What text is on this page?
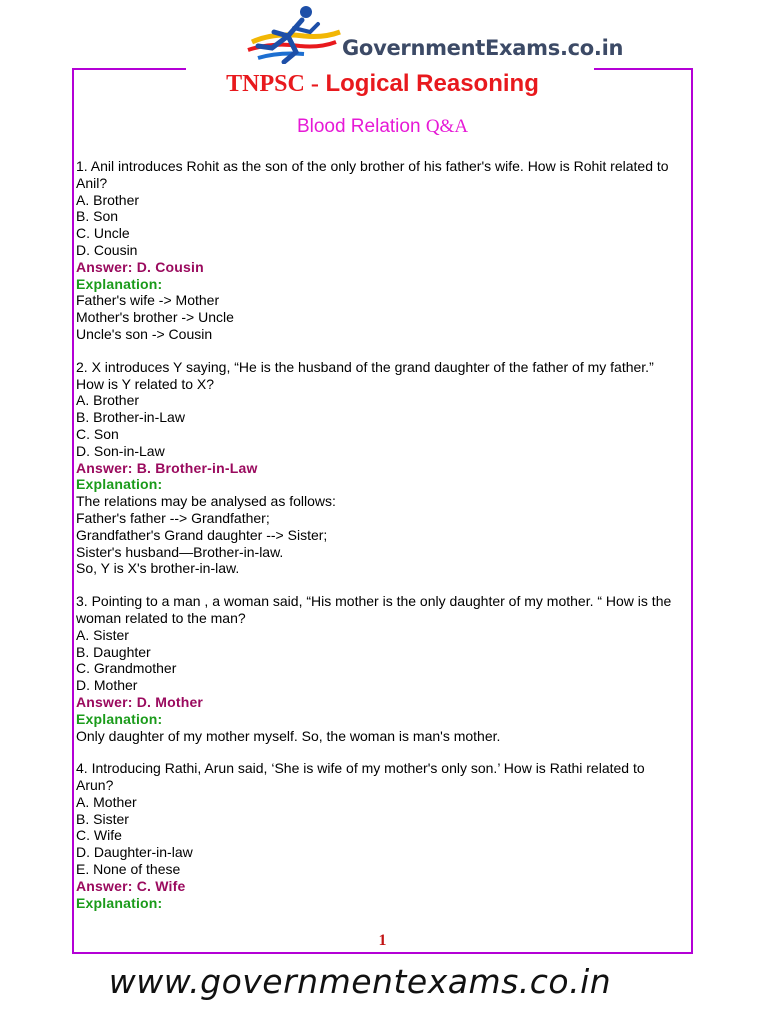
GovernmentExams.co.in
TNPSC - Logical Reasoning
Blood Relation Q&A
1. Anil introduces Rohit as the son of the only brother of his father's wife. How is Rohit related to Anil?
A. Brother
B. Son
C. Uncle
D. Cousin
Answer: D. Cousin
Explanation:
Father's wife -> Mother
Mother's brother -> Uncle
Uncle's son -> Cousin
2. X introduces Y saying, “He is the husband of the grand daughter of the father of my father.” How is Y related to X?
A. Brother
B. Brother-in-Law
C. Son
D. Son-in-Law
Answer: B. Brother-in-Law
Explanation:
The relations may be analysed as follows:
Father's father --> Grandfather;
Grandfather's Grand daughter --> Sister;
Sister's husband—Brother-in-law.
So, Y is X's brother-in-law.
3. Pointing to a man , a woman said, “His mother is the only daughter of my mother. “ How is the woman related to the man?
A. Sister
B. Daughter
C. Grandmother
D. Mother
Answer: D. Mother
Explanation:
Only daughter of my mother myself. So, the woman is man's mother.
4. Introducing Rathi, Arun said, ‘She is wife of my mother's only son.’ How is Rathi related to Arun?
A. Mother
B. Sister
C. Wife
D. Daughter-in-law
E. None of these
Answer: C. Wife
Explanation:
1
www.governmentexams.co.in
